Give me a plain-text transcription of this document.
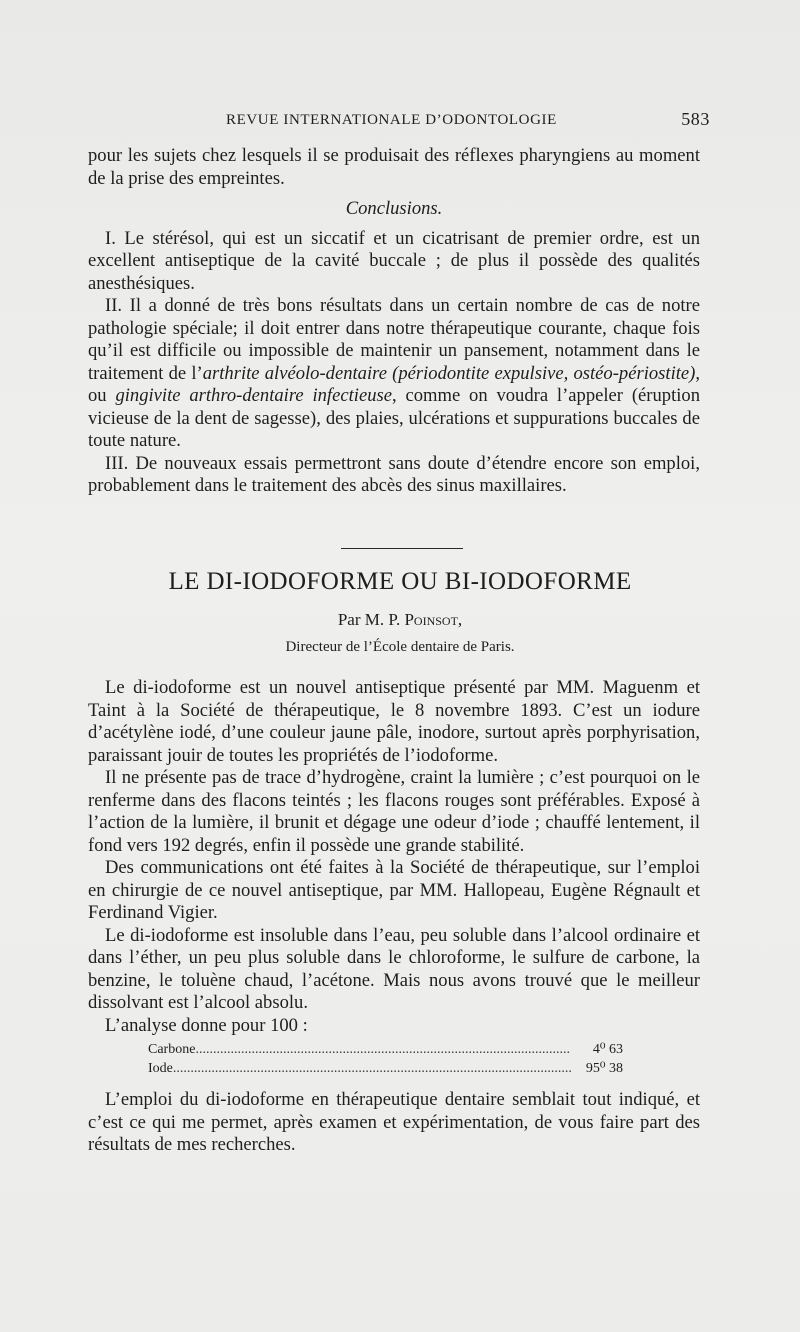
REVUE INTERNATIONALE D’ODONTOLOGIE	583

pour les sujets chez lesquels il se produisait des réflexes pharyngiens au moment de la prise des empreintes.

Conclusions.

I. Le stérésol, qui est un siccatif et un cicatrisant de premier ordre, est un excellent antiseptique de la cavité buccale ; de plus il possède des qualités anesthésiques.

II. Il a donné de très bons résultats dans un certain nombre de cas de notre pathologie spéciale; il doit entrer dans notre thérapeutique courante, chaque fois qu’il est difficile ou impossible de maintenir un pansement, notamment dans le traitement de l’arthrite alvéolo-dentaire (périodontite expulsive, ostéo-périostite), ou gingivite arthro-dentaire infectieuse, comme on voudra l’appeler (éruption vicieuse de la dent de sagesse), des plaies, ulcérations et suppurations buccales de toute nature.

III. De nouveaux essais permettront sans doute d’étendre encore son emploi, probablement dans le traitement des abcès des sinus maxillaires.

LE DI-IODOFORME OU BI-IODOFORME
Par M. P. Poinsot,
Directeur de l’École dentaire de Paris.

Le di-iodoforme est un nouvel antiseptique présenté par MM. Maguenm et Taint à la Société de thérapeutique, le 8 novembre 1893. C’est un iodure d’acétylène iodé, d’une couleur jaune pâle, inodore, surtout après porphyrisation, paraissant jouir de toutes les propriétés de l’iodoforme.

Il ne présente pas de trace d’hydrogène, craint la lumière ; c’est pourquoi on le renferme dans des flacons teintés ; les flacons rouges sont préférables. Exposé à l’action de la lumière, il brunit et dégage une odeur d’iode ; chauffé lentement, il fond vers 192 degrés, enfin il possède une grande stabilité.

Des communications ont été faites à la Société de thérapeutique, sur l’emploi en chirurgie de ce nouvel antiseptique, par MM. Hallopeau, Eugène Régnault et Ferdinand Vigier.

Le di-iodoforme est insoluble dans l’eau, peu soluble dans l’alcool ordinaire et dans l’éther, un peu plus soluble dans le chloroforme, le sulfure de carbone, la benzine, le toluène chaud, l’acétone. Mais nous avons trouvé que le meilleur dissolvant est l’alcool absolu.

L’analyse donne pour 100 :

Carbone .....	4⁰ 63
Iode .....	95⁰ 38

L’emploi du di-iodoforme en thérapeutique dentaire semblait tout indiqué, et c’est ce qui me permet, après examen et expérimentation, de vous faire part des résultats de mes recherches.
